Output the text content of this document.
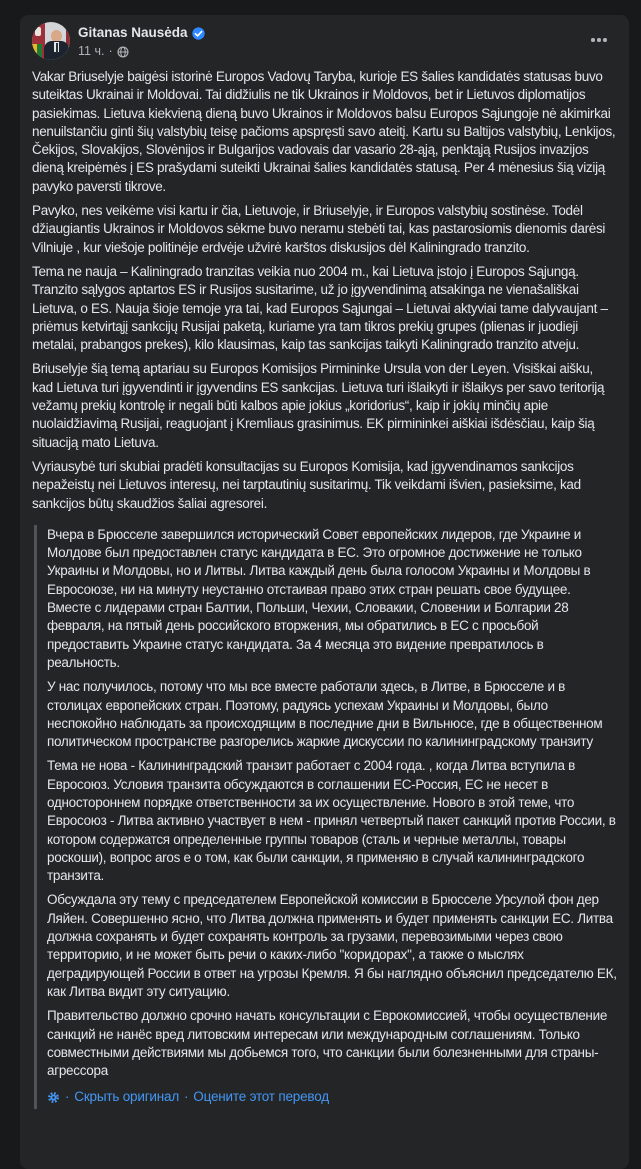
Gitanas Nausėda
11 ч. ·

Vakar Briuselyje baigėsi istorinė Europos Vadovų Taryba, kurioje ES šalies kandidatės statusas buvo suteiktas Ukrainai ir Moldovai. Tai didžiulis ne tik Ukrainos ir Moldovos, bet ir Lietuvos diplomatijos pasiekimas. Lietuva kiekvieną dieną buvo Ukrainos ir Moldovos balsu Europos Sąjungoje nė akimirkai nenuilstančiu ginti šių valstybių teisę pačioms apspręsti savo ateitį. Kartu su Baltijos valstybių, Lenkijos, Čekijos, Slovakijos, Slovėnijos ir Bulgarijos vadovais dar vasario 28-ąją, penktąją Rusijos invazijos dieną kreipėmės į ES prašydami suteikti Ukrainai šalies kandidatės statusą. Per 4 mėnesius šią viziją pavyko paversti tikrove.

Pavyko, nes veikėme visi kartu ir čia, Lietuvoje, ir Briuselyje, ir Europos valstybių sostinėse. Todėl džiaugiantis Ukrainos ir Moldovos sėkme buvo neramu stebėti tai, kas pastarosiomis dienomis darėsi Vilniuje , kur viešoje politinėje erdvėje užvirė karštos diskusijos dėl Kaliningrado tranzito.

Tema ne nauja – Kaliningrado tranzitas veikia nuo 2004 m., kai Lietuva įstojo į Europos Sąjungą. Tranzito sąlygos aptartos ES ir Rusijos susitarime, už jo įgyvendinimą atsakinga ne vienašališkai Lietuva, o ES. Nauja šioje temoje yra tai, kad Europos Sąjungai – Lietuvai aktyviai tame dalyvaujant – priėmus ketvirtąjį sankcijų Rusijai paketą, kuriame yra tam tikros prekių grupes (plienas ir juodieji metalai, prabangos prekes), kilo klausimas, kaip tas sankcijas taikyti Kaliningrado tranzito atveju.

Briuselyje šią temą aptariau su Europos Komisijos Pirmininke Ursula von der Leyen. Visiškai aišku, kad Lietuva turi įgyvendinti ir įgyvendins ES sankcijas. Lietuva turi išlaikyti ir išlaikys per savo teritoriją vežamų prekių kontrolę ir negali būti kalbos apie jokius „koridorius“, kaip ir jokių minčių apie nuolaidžiavimą Rusijai, reaguojant į Kremliaus grasinimus. EK pirmininkei aiškiai išdėsčiau, kaip šią situaciją mato Lietuva.

Vyriausybė turi skubiai pradėti konsultacijas su Europos Komisija, kad įgyvendinamos sankcijos nepažeistų nei Lietuvos interesų, nei tarptautinių susitarimų. Tik veikdami išvien, pasieksime, kad sankcijos būtų skaudžios šaliai agresorei.

Вчера в Брюсселе завершился исторический Совет европейских лидеров, где Украине и Молдове был предоставлен статус кандидата в ЕС. Это огромное достижение не только Украины и Молдовы, но и Литвы. Литва каждый день была голосом Украины и Молдовы в Евросоюзе, ни на минуту неустанно отстаивая право этих стран решать свое будущее. Вместе с лидерами стран Балтии, Польши, Чехии, Словакии, Словении и Болгарии 28 февраля, на пятый день российского вторжения, мы обратились в ЕС с просьбой предоставить Украине статус кандидата. За 4 месяца это видение превратилось в реальность.

У нас получилось, потому что мы все вместе работали здесь, в Литве, в Брюсселе и в столицах европейских стран. Поэтому, радуясь успехам Украины и Молдовы, было неспокойно наблюдать за происходящим в последние дни в Вильнюсе, где в общественном политическом пространстве разгорелись жаркие дискуссии по калининградскому транзиту

Тема не нова - Калининградский транзит работает с 2004 года. , когда Литва вступила в Евросоюз. Условия транзита обсуждаются в соглашении ЕС-Россия, ЕС не несет в одностороннем порядке ответственности за их осуществление. Нового в этой теме, что Евросоюз - Литва активно участвует в нем - принял четвертый пакет санкций против России, в котором содержатся определенные группы товаров (сталь и черные металлы, товары роскоши), вопрос aros е о том, как были санкции, я применяю в случай калининградского транзита.

Обсуждала эту тему с председателем Европейской комиссии в Брюсселе Урсулой фон дер Ляйен. Совершенно ясно, что Литва должна применять и будет применять санкции ЕС. Литва должна сохранять и будет сохранять контроль за грузами, перевозимыми через свою территорию, и не может быть речи о каких-либо "коридорах", а также о мыслях деградирующей России в ответ на угрозы Кремля. Я бы наглядно объяснил председателю ЕК, как Литва видит эту ситуацию.

Правительство должно срочно начать консультации с Еврокомиссией, чтобы осуществление санкций не нанёс вред литовским интересам или международным соглашениям. Только совместными действиями мы добьемся того, что санкции были болезненными для страны-агрессора

· Скрыть оригинал · Оцените этот перевод
